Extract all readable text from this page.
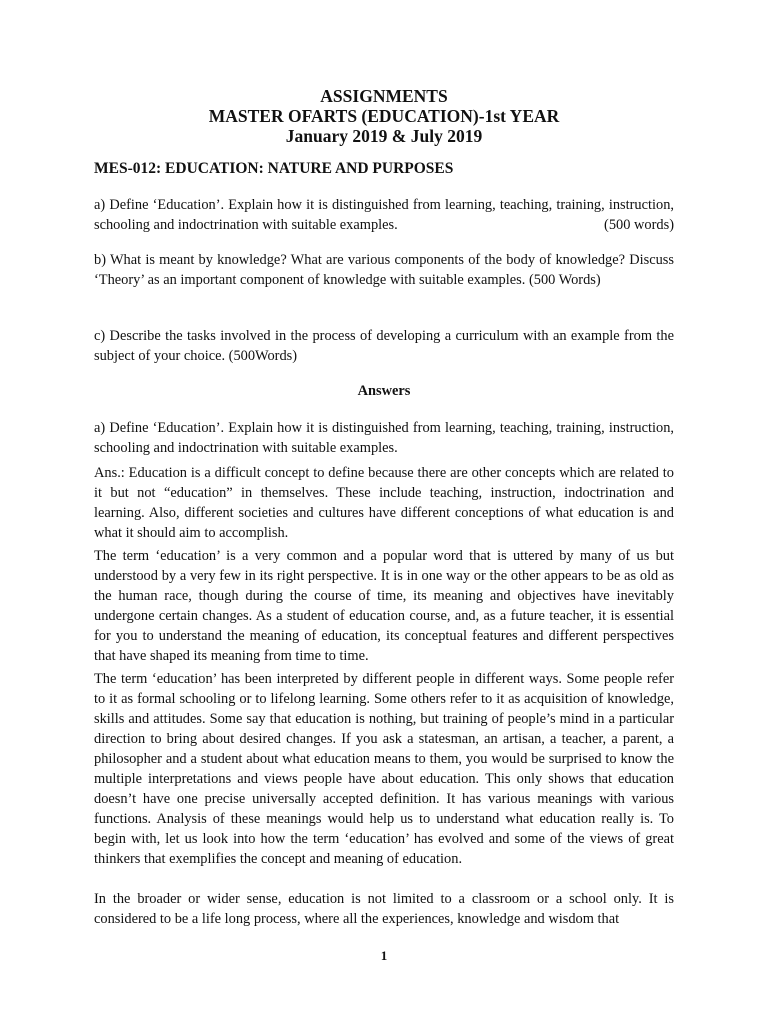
ASSIGNMENTS
MASTER OFARTS (EDUCATION)-1st YEAR
January 2019 & July 2019
MES-012: EDUCATION: NATURE AND PURPOSES

a) Define ‘Education’. Explain how it is distinguished from learning, teaching, training, instruction, schooling and indoctrination with suitable examples.	(500 words)

b) What is meant by knowledge? What are various components of the body of knowledge? Discuss ‘Theory’ as an important component of knowledge with suitable examples. (500 Words)

c) Describe the tasks involved in the process of developing a curriculum with an example from the subject of your choice. (500Words)

Answers

a) Define ‘Education’. Explain how it is distinguished from learning, teaching, training, instruction, schooling and indoctrination with suitable examples.

Ans.: Education is a difficult concept to define because there are other concepts which are related to it but not “education” in themselves. These include teaching, instruction, indoctrination and learning. Also, different societies and cultures have different conceptions of what education is and what it should aim to accomplish.

The term ‘education’ is a very common and a popular word that is uttered by many of us but understood by a very few in its right perspective. It is in one way or the other appears to be as old as the human race, though during the course of time, its meaning and objectives have inevitably undergone certain changes. As a student of education course, and, as a future teacher, it is essential for you to understand the meaning of education, its conceptual features and different perspectives that have shaped its meaning from time to time.

The term ‘education’ has been interpreted by different people in different ways. Some people refer to it as formal schooling or to lifelong learning. Some others refer to it as acquisition of knowledge, skills and attitudes. Some say that education is nothing, but training of people’s mind in a particular direction to bring about desired changes. If you ask a statesman, an artisan, a teacher, a parent, a philosopher and a student about what education means to them, you would be surprised to know the multiple interpretations and views people have about education. This only shows that education doesn’t have one precise universally accepted definition. It has various meanings with various functions. Analysis of these meanings would help us to understand what education really is. To begin with, let us look into how the term ‘education’ has evolved and some of the views of great thinkers that exemplifies the concept and meaning of education.

In the broader or wider sense, education is not limited to a classroom or a school only. It is considered to be a life long process, where all the experiences, knowledge and wisdom that

1
